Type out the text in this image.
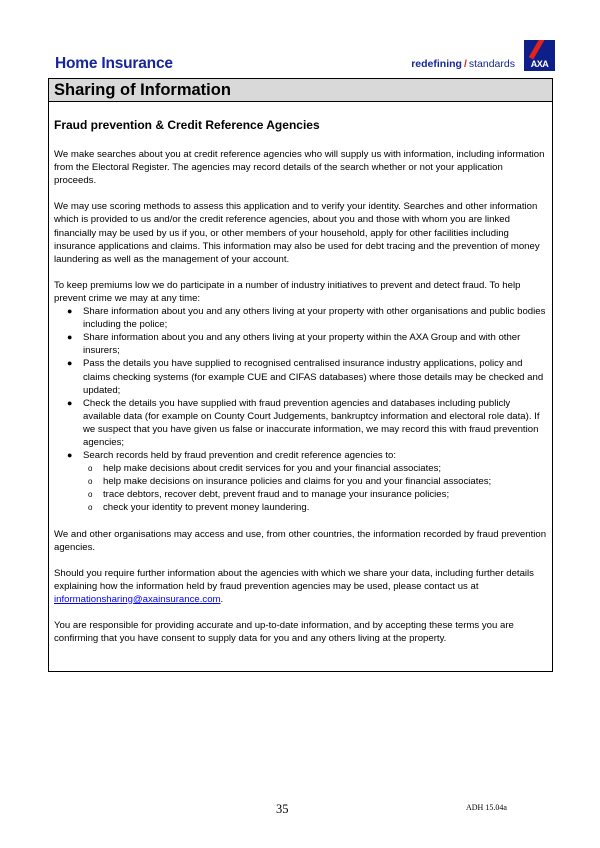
Home Insurance	redefining / standards	AXA
Sharing of Information
Fraud prevention & Credit Reference Agencies

We make searches about you at credit reference agencies who will supply us with information, including information from the Electoral Register. The agencies may record details of the search whether or not your application proceeds.

We may use scoring methods to assess this application and to verify your identity. Searches and other information which is provided to us and/or the credit reference agencies, about you and those with whom you are linked financially may be used by us if you, or other members of your household, apply for other facilities including insurance applications and claims. This information may also be used for debt tracing and the prevention of money laundering as well as the management of your account.

To keep premiums low we do participate in a number of industry initiatives to prevent and detect fraud. To help prevent crime we may at any time:

● Share information about you and any others living at your property with other organisations and public bodies including the police;
● Share information about you and any others living at your property within the AXA Group and with other insurers;
● Pass the details you have supplied to recognised centralised insurance industry applications, policy and claims checking systems (for example CUE and CIFAS databases) where those details may be checked and updated;
● Check the details you have supplied with fraud prevention agencies and databases including publicly available data (for example on County Court Judgements, bankruptcy information and electoral role data). If we suspect that you have given us false or inaccurate information, we may record this with fraud prevention agencies;
● Search records held by fraud prevention and credit reference agencies to:
o help make decisions about credit services for you and your financial associates;
o help make decisions on insurance policies and claims for you and your financial associates;
o trace debtors, recover debt, prevent fraud and to manage your insurance policies;
o check your identity to prevent money laundering.

We and other organisations may access and use, from other countries, the information recorded by fraud prevention agencies.

Should you require further information about the agencies with which we share your data, including further details explaining how the information held by fraud prevention agencies may be used, please contact us at informationsharing@axainsurance.com.

You are responsible for providing accurate and up-to-date information, and by accepting these terms you are confirming that you have consent to supply data for you and any others living at the property.

35	ADH 15.04a
